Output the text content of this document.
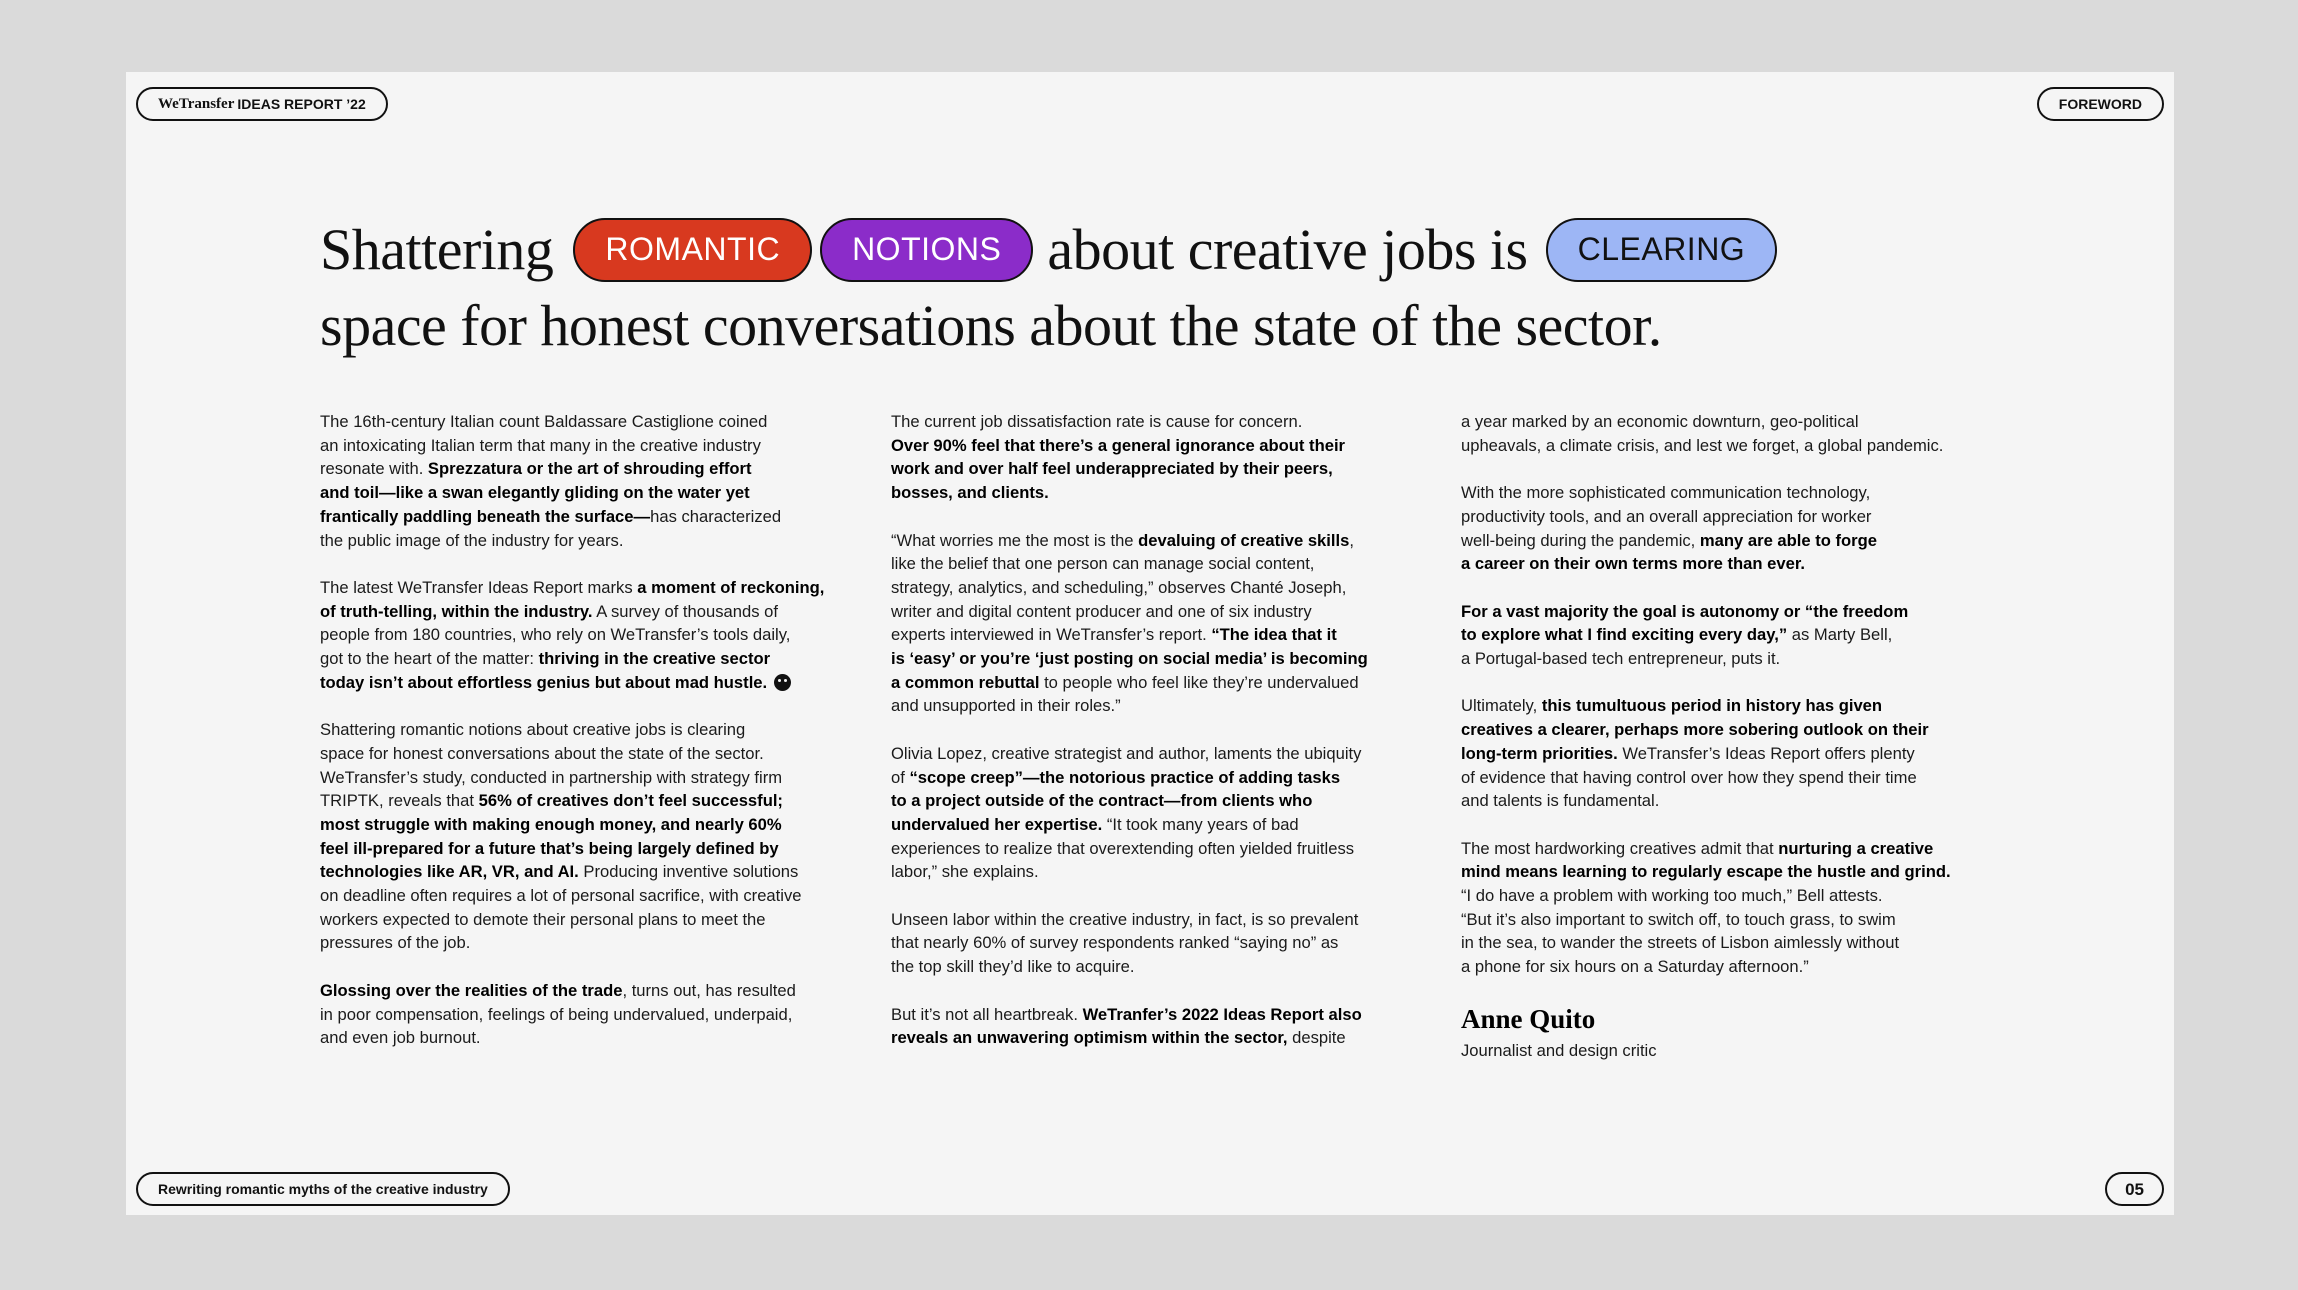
WeTransfer IDEAS REPORT ’22	FOREWORD
Shattering ROMANTIC NOTIONS about creative jobs is CLEARING
space for honest conversations about the state of the sector.

The 16th-century Italian count Baldassare Castiglione coined
an intoxicating Italian term that many in the creative industry
resonate with. Sprezzatura or the art of shrouding effort
and toil—like a swan elegantly gliding on the water yet
frantically paddling beneath the surface—has characterized
the public image of the industry for years.

The latest WeTransfer Ideas Report marks a moment of reckoning,
of truth-telling, within the industry. A survey of thousands of
people from 180 countries, who rely on WeTransfer’s tools daily,
got to the heart of the matter: thriving in the creative sector
today isn’t about effortless genius but about mad hustle.

Shattering romantic notions about creative jobs is clearing
space for honest conversations about the state of the sector.
WeTransfer’s study, conducted in partnership with strategy firm
TRIPTK, reveals that 56% of creatives don’t feel successful;
most struggle with making enough money, and nearly 60%
feel ill-prepared for a future that’s being largely defined by
technologies like AR, VR, and AI. Producing inventive solutions
on deadline often requires a lot of personal sacrifice, with creative
workers expected to demote their personal plans to meet the
pressures of the job.

Glossing over the realities of the trade, turns out, has resulted
in poor compensation, feelings of being undervalued, underpaid,
and even job burnout.

The current job dissatisfaction rate is cause for concern.
Over 90% feel that there’s a general ignorance about their
work and over half feel underappreciated by their peers,
bosses, and clients.

“What worries me the most is the devaluing of creative skills,
like the belief that one person can manage social content,
strategy, analytics, and scheduling,” observes Chanté Joseph,
writer and digital content producer and one of six industry
experts interviewed in WeTransfer’s report. “The idea that it
is ‘easy’ or you’re ‘just posting on social media’ is becoming
a common rebuttal to people who feel like they’re undervalued
and unsupported in their roles.”

Olivia Lopez, creative strategist and author, laments the ubiquity
of “scope creep”—the notorious practice of adding tasks
to a project outside of the contract—from clients who
undervalued her expertise. “It took many years of bad
experiences to realize that overextending often yielded fruitless
labor,” she explains.

Unseen labor within the creative industry, in fact, is so prevalent
that nearly 60% of survey respondents ranked “saying no” as
the top skill they’d like to acquire.

But it’s not all heartbreak. WeTranfer’s 2022 Ideas Report also
reveals an unwavering optimism within the sector, despite

a year marked by an economic downturn, geo-political
upheavals, a climate crisis, and lest we forget, a global pandemic.

With the more sophisticated communication technology,
productivity tools, and an overall appreciation for worker
well-being during the pandemic, many are able to forge
a career on their own terms more than ever.

For a vast majority the goal is autonomy or “the freedom
to explore what I find exciting every day,” as Marty Bell,
a Portugal-based tech entrepreneur, puts it.

Ultimately, this tumultuous period in history has given
creatives a clearer, perhaps more sobering outlook on their
long-term priorities. WeTransfer’s Ideas Report offers plenty
of evidence that having control over how they spend their time
and talents is fundamental.

The most hardworking creatives admit that nurturing a creative
mind means learning to regularly escape the hustle and grind.
“I do have a problem with working too much,” Bell attests.
“But it’s also important to switch off, to touch grass, to swim
in the sea, to wander the streets of Lisbon aimlessly without
a phone for six hours on a Saturday afternoon.”

Anne Quito
Journalist and design critic
Rewriting romantic myths of the creative industry	05
